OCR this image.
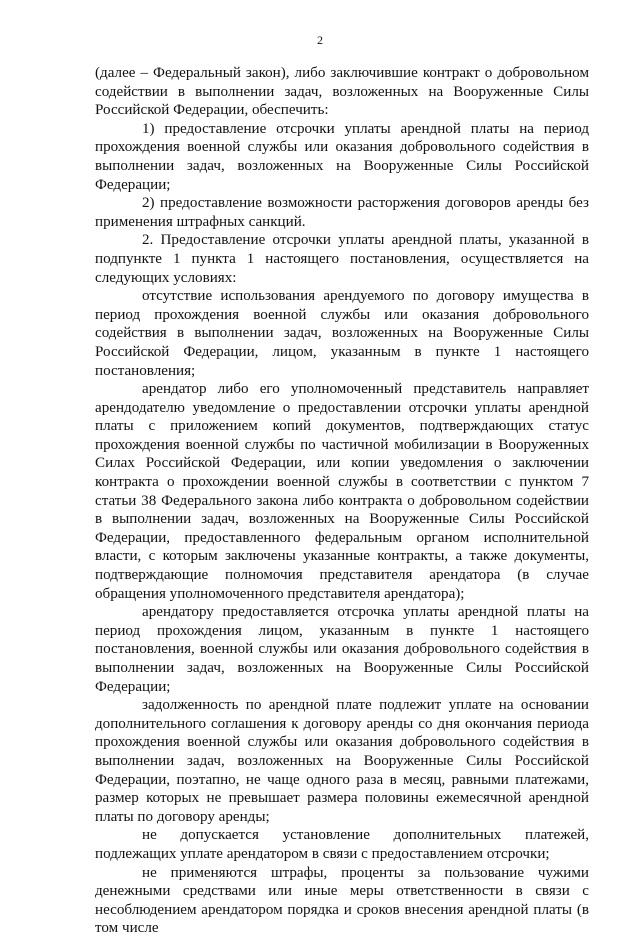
2

(далее – Федеральный закон), либо заключившие контракт о добровольном содействии в выполнении задач, возложенных на Вооруженные Силы Российской Федерации, обеспечить:

1) предоставление отсрочки уплаты арендной платы на период прохождения военной службы или оказания добровольного содействия в выполнении задач, возложенных на Вооруженные Силы Российской Федерации;

2) предоставление возможности расторжения договоров аренды без применения штрафных санкций.

2. Предоставление отсрочки уплаты арендной платы, указанной в подпункте 1 пункта 1 настоящего постановления, осуществляется на следующих условиях:

отсутствие использования арендуемого по договору имущества в период прохождения военной службы или оказания добровольного содействия в выполнении задач, возложенных на Вооруженные Силы Российской Федерации, лицом, указанным в пункте 1 настоящего постановления;

арендатор либо его уполномоченный представитель направляет арендодателю уведомление о предоставлении отсрочки уплаты арендной платы с приложением копий документов, подтверждающих статус прохождения военной службы по частичной мобилизации в Вооруженных Силах Российской Федерации, или копии уведомления о заключении контракта о прохождении военной службы в соответствии с пунктом 7 статьи 38 Федерального закона либо контракта о добровольном содействии в выполнении задач, возложенных на Вооруженные Силы Российской Федерации, предоставленного федеральным органом исполнительной власти, с которым заключены указанные контракты, а также документы, подтверждающие полномочия представителя арендатора (в случае обращения уполномоченного представителя арендатора);

арендатору предоставляется отсрочка уплаты арендной платы на период прохождения лицом, указанным в пункте 1 настоящего постановления, военной службы или оказания добровольного содействия в выполнении задач, возложенных на Вооруженные Силы Российской Федерации;

задолженность по арендной плате подлежит уплате на основании дополнительного соглашения к договору аренды со дня окончания периода прохождения военной службы или оказания добровольного содействия в выполнении задач, возложенных на Вооруженные Силы Российской Федерации, поэтапно, не чаще одного раза в месяц, равными платежами, размер которых не превышает размера половины ежемесячной арендной платы по договору аренды;

не допускается установление дополнительных платежей, подлежащих уплате арендатором в связи с предоставлением отсрочки;

не применяются штрафы, проценты за пользование чужими денежными средствами или иные меры ответственности в связи с несоблюдением арендатором порядка и сроков внесения арендной платы (в том числе
